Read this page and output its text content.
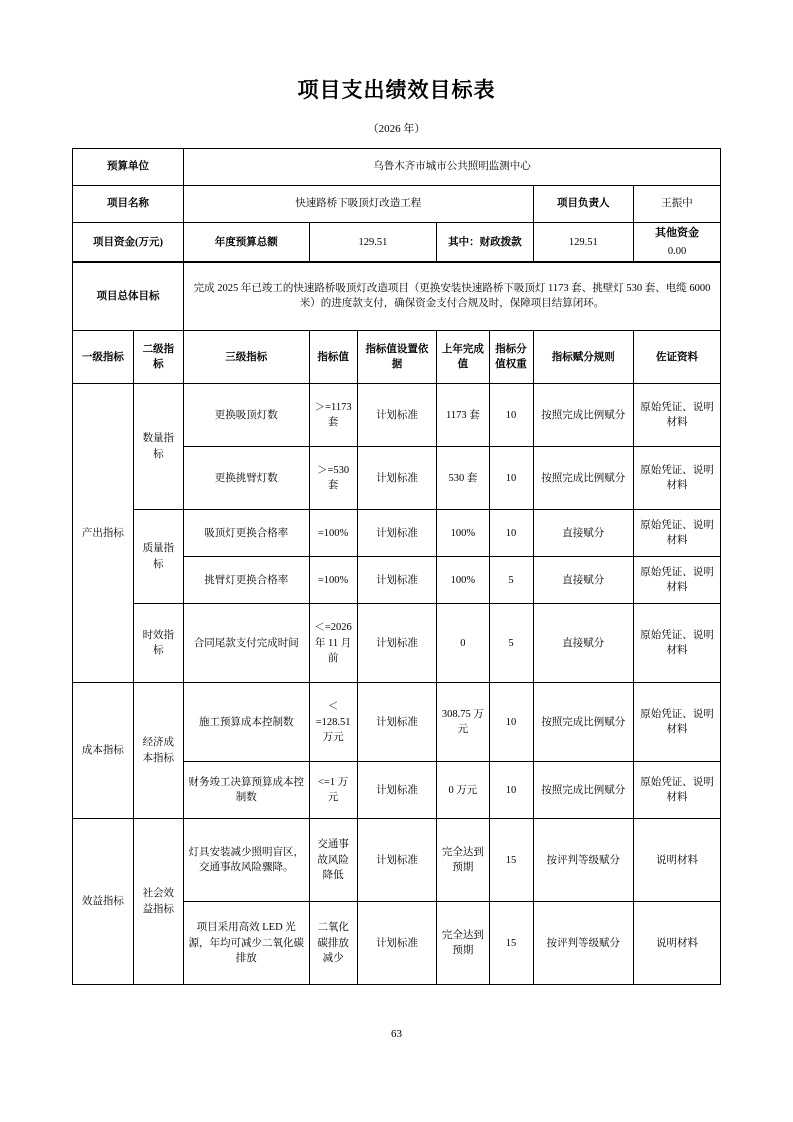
项目支出绩效目标表
（2026 年）
预算单位	乌鲁木齐市城市公共照明监测中心				
项目名称	快速路桥下吸顶灯改造工程			项目负责人	王振中
项目资金(万元)	年度预算总额	129.51	其中：财政拨款	129.51	其他资金
0.00
项目总体目标		完成 2025 年已竣工的快速路桥吸顶灯改造项目（更换安装快速路桥下吸顶灯 1173 套、挑壁灯 530 套、电缆 6000 米）的进度款支付，确保资金支付合规及时，保障项目结算闭环。						
一级指标	二级指标	三级指标	指标值	指标值设置依据	上年完成值	指标分值权重	指标赋分规则	佐证资料
产出指标	数量指标	更换吸顶灯数	＞=1173 套	计划标准	1173 套	10	按照完成比例赋分	原始凭证、说明材料
		更换挑臂灯数	＞=530 套	计划标准	530 套	10	按照完成比例赋分	原始凭证、说明材料
	质量指标	吸顶灯更换合格率	=100%	计划标准	100%	10	直接赋分	原始凭证、说明材料
		挑臂灯更换合格率	=100%	计划标准	100%	5	直接赋分	原始凭证、说明材料
	时效指标	合同尾款支付完成时间	＜=2026 年 11 月前	计划标准	0	5	直接赋分	原始凭证、说明材料
成本指标	经济成本指标	施工预算成本控制数	＜=128.51 万元	计划标准	308.75 万元	10	按照完成比例赋分	原始凭证、说明材料
		财务竣工决算预算成本控制数	<=1 万元	计划标准	0 万元	10	按照完成比例赋分	原始凭证、说明材料
效益指标	社会效益指标	灯具安装减少照明盲区，交通事故风险骤降。	交通事故风险降低	计划标准	完全达到预期	15	按评判等级赋分	说明材料
		项目采用高效 LED 光源，年均可减少二氧化碳排放	二氧化碳排放减少	计划标准	完全达到预期	15	按评判等级赋分	说明材料
63
